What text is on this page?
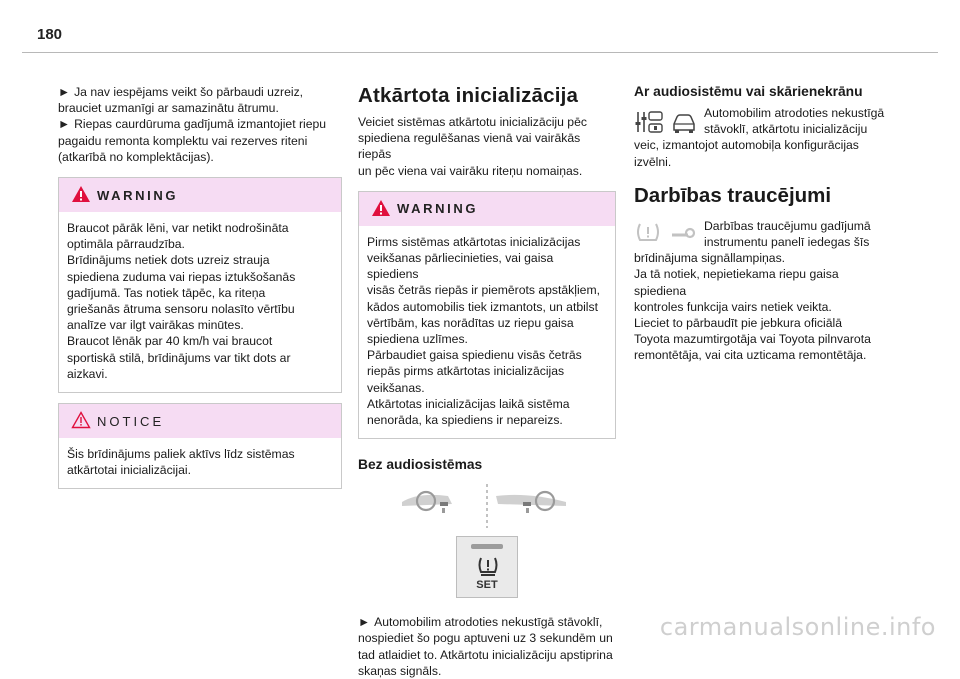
180
► Ja nav iespējams veikt šo pārbaudi uzreiz, brauciet uzmanīgi ar samazinātu ātrumu.
► Riepas caurdūruma gadījumā izmantojiet riepu pagaidu remonta komplektu vai rezerves riteni (atkarībā no komplektācijas).
WARNING
Braucot pārāk lēni, var netikt nodrošināta
optimāla pārraudzība.
Brīdinājums netiek dots uzreiz strauja
spiediena zuduma vai riepas iztukšošanās
gadījumā. Tas notiek tāpēc, ka riteņa
griešanās ātruma sensoru nolasīto vērtību
analīze var ilgt vairākas minūtes.
Braucot lēnāk par 40 km/h vai braucot
sportiskā stilā, brīdinājums var tikt dots ar
aizkavi.
NOTICE
Šis brīdinājums paliek aktīvs līdz sistēmas
atkārtotai inicializācijai.
Atkārtota inicializācija
Veiciet sistēmas atkārtotu inicializāciju pēc
spiediena regulēšanas vienā vai vairākās riepās
un pēc viena vai vairāku riteņu nomaiņas.
WARNING
Pirms sistēmas atkārtotas inicializācijas
veikšanas pārliecinieties, vai gaisa spiediens
visās četrās riepās ir piemērots apstākļiem,
kādos automobilis tiek izmantots, un atbilst
vērtībām, kas norādītas uz riepu gaisa
spiediena uzlīmes.
Pārbaudiet gaisa spiedienu visās četrās
riepās pirms atkārtotas inicializācijas
veikšanas.
Atkārtotas inicializācijas laikā sistēma
nenorāda, ka spiediens ir nepareizs.
Bez audiosistēmas
SET
► Automobilim atrodoties nekustīgā stāvoklī,
nospiediet šo pogu aptuveni uz 3 sekundēm un
tad atlaidiet to. Atkārtotu inicializāciju apstiprina
skaņas signāls.
Ar audiosistēmu vai skārienekrānu
Automobilim atrodoties nekustīgā
stāvoklī, atkārtotu inicializāciju
veic, izmantojot automobiļa konfigurācijas
izvēlni.
Darbības traucējumi
Darbības traucējumu gadījumā
instrumentu panelī iedegas šīs
brīdinājuma signāllampiņas.
Ja tā notiek, nepietiekama riepu gaisa spiediena
kontroles funkcija vairs netiek veikta.
Lieciet to pārbaudīt pie jebkura oficiālā
Toyota mazumtirgotāja vai Toyota pilnvarota
remontētāja, vai cita uzticama remontētāja.
carmanualsonline.info
